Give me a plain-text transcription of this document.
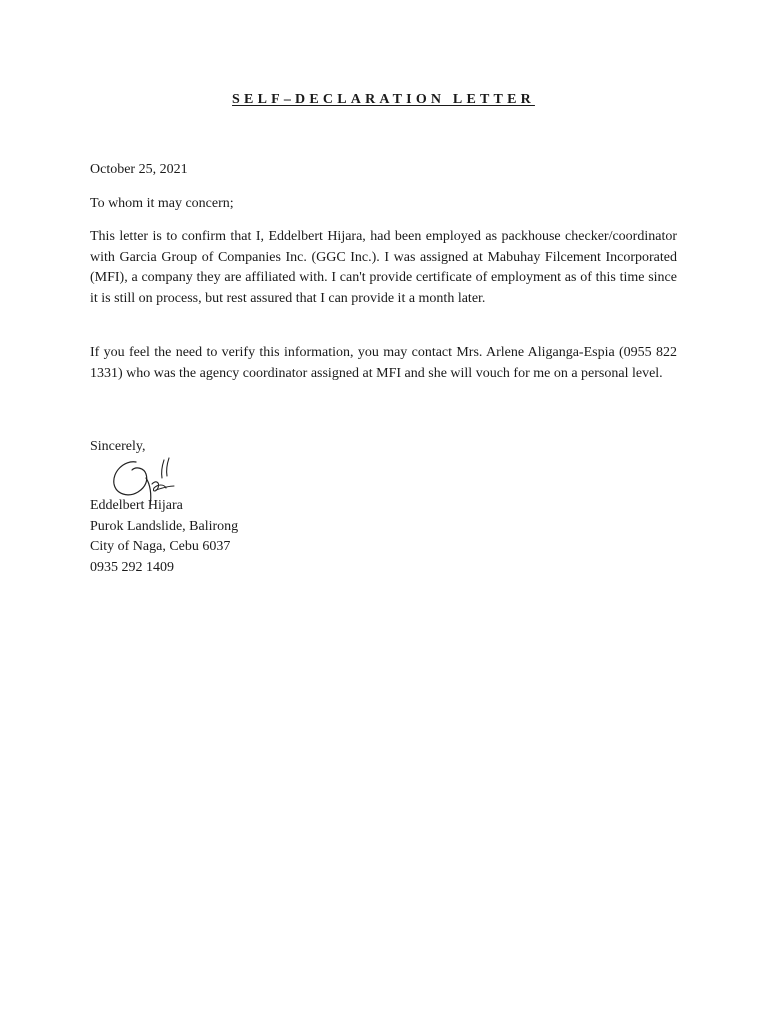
SELF–DECLARATION LETTER
October 25, 2021
To whom it may concern;
This letter is to confirm that I, Eddelbert Hijara, had been employed as packhouse checker/coordinator with Garcia Group of Companies Inc. (GGC Inc.). I was assigned at Mabuhay Filcement Incorporated (MFI), a company they are affiliated with. I can't provide certificate of employment as of this time since it is still on process, but rest assured that I can provide it a month later.
If you feel the need to verify this information, you may contact Mrs. Arlene Aliganga-Espia (0955 822 1331) who was the agency coordinator assigned at MFI and she will vouch for me on a personal level.
Sincerely,
Eddelbert Hijara
Purok Landslide, Balirong
City of Naga, Cebu 6037
0935 292 1409
